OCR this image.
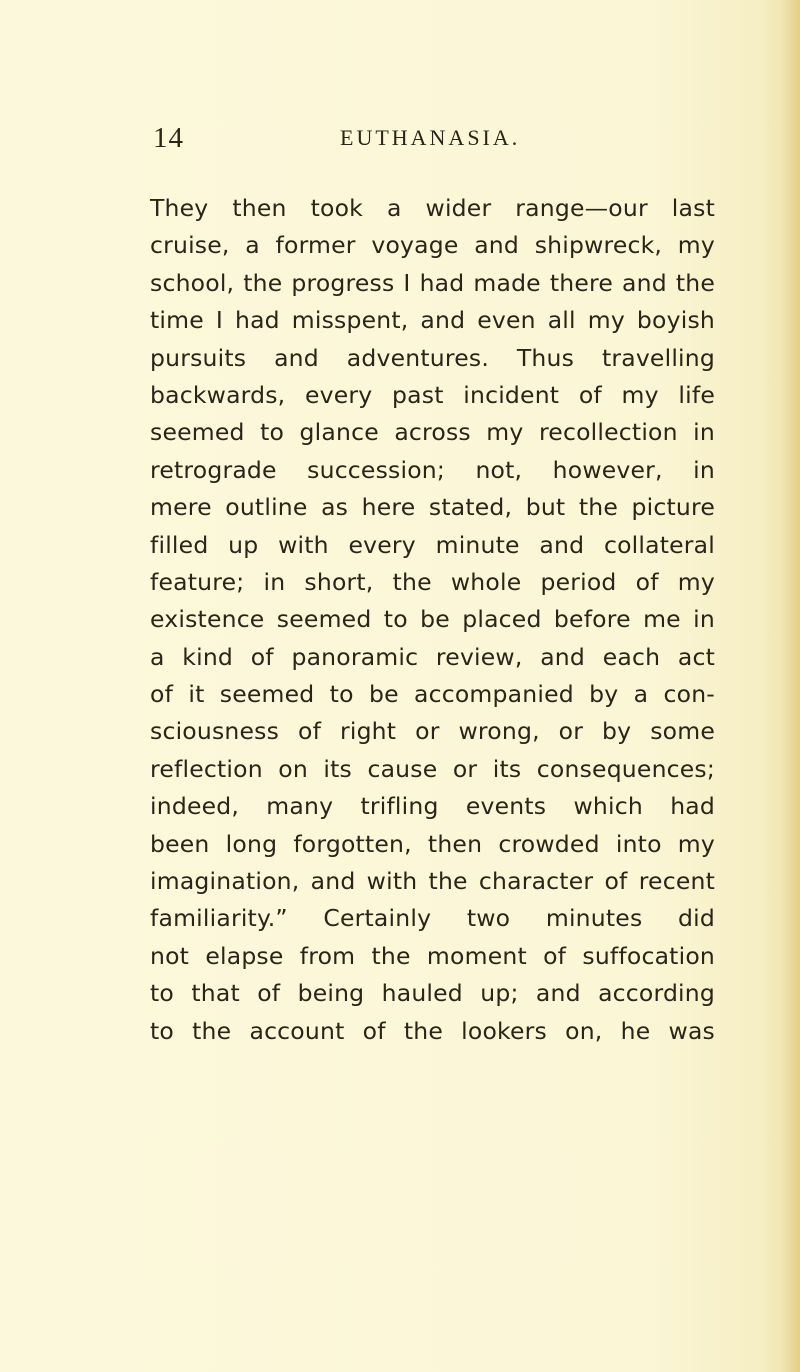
14	EUTHANASIA.
They then took a wider range—our last
cruise, a former voyage and shipwreck, my
school, the progress I had made there and the
time I had misspent, and even all my boyish
pursuits and adventures. Thus travelling
backwards, every past incident of my life
seemed to glance across my recollection in
retrograde succession; not, however, in
mere outline as here stated, but the picture
filled up with every minute and collateral
feature; in short, the whole period of my
existence seemed to be placed before me in
a kind of panoramic review, and each act
of it seemed to be accompanied by a con-
sciousness of right or wrong, or by some
reflection on its cause or its consequences;
indeed, many trifling events which had
been long forgotten, then crowded into my
imagination, and with the character of recent
familiarity.” Certainly two minutes did
not elapse from the moment of suffocation
to that of being hauled up; and according
to the account of the lookers on, he was
